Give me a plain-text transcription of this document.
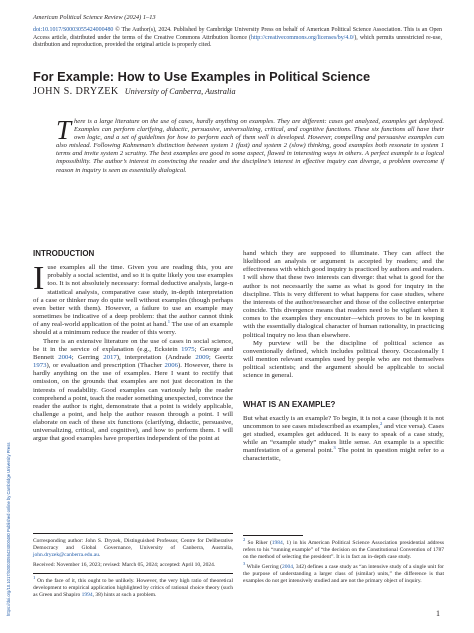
American Political Science Review (2024) 1–13
doi:10.1017/S0003055424000480 © The Author(s), 2024. Published by Cambridge University Press on behalf of American Political Science Association. This is an Open Access article, distributed under the terms of the Creative Commons Attribution licence (http://creativecommons.org/licenses/by/4.0/), which permits unrestricted re-use, distribution and reproduction, provided the original article is properly cited.
For Example: How to Use Examples in Political Science
JOHN S. DRYZEK University of Canberra, Australia
There is a large literature on the use of cases, hardly anything on examples. They are different: cases get analyzed, examples get deployed. Examples can perform clarifying, didactic, persuasive, universalizing, critical, and cognitive functions. These six functions all have their own logic, and a set of guidelines for how to perform each of them well is developed. However, compelling and persuasive examples can also mislead. Following Kahneman’s distinction between system 1 (fast) and system 2 (slow) thinking, good examples both resonate in system 1 terms and invite system 2 scrutiny. The best examples are good in some aspect, flawed in interesting ways in others. A perfect example is a logical impossibility. The author’s interest in convincing the reader and the discipline’s interest in effective inquiry can diverge, a problem overcome if reason in inquiry is seen as essentially dialogical.
INTRODUCTION

Iuse examples all the time. Given you are reading this, you are probably a social scientist, and so it is quite likely you use examples too. It is not absolutely necessary: formal deductive analysis, large-n statistical analysis, comparative case study, in-depth interpretation of a case or thinker may do quite well without examples (though perhaps even better with them). However, a failure to use an example may sometimes be indicative of a deep problem: that the author cannot think of any real-world application of the point at hand.$^1$ The use of an example should at a minimum reduce the reader of this worry.

There is an extensive literature on the use of cases in social science, be it in the service of explanation (e.g., Eckstein 1975; George and Bennett 2004; Gerring 2017), interpretation (Andrade 2009; Geertz 1973), or evaluation and prescription (Thacher 2006). However, there is hardly anything on the use of examples. Here I want to rectify that omission, on the grounds that examples are not just decoration in the interests of readability. Good examples can variously help the reader comprehend a point, teach the reader something unexpected, convince the reader the author is right, demonstrate that a point is widely applicable, challenge a point, and help the author reason through a point. I will elaborate on each of these six functions (clarifying, didactic, persuasive, universalizing, critical, and cognitive), and how to perform them. I will argue that good examples have properties independent of the point at

hand which they are supposed to illuminate. They can affect the likelihood an analysis or argument is accepted by readers; and the effectiveness with which good inquiry is practiced by authors and readers. I will show that these two interests can diverge: that what is good for the author is not necessarily the same as what is good for inquiry in the discipline. This is very different to what happens for case studies, where the interests of the author/researcher and those of the collective enterprise coincide. This divergence means that readers need to be vigilant when it comes to the examples they encounter—which proves to be in keeping with the essentially dialogical character of human rationality, in practicing political inquiry no less than elsewhere.

My purview will be the discipline of political science as conventionally defined, which includes political theory. Occasionally I will mention relevant examples used by people who are not themselves political scientists; and the argument should be applicable to social science in general.

WHAT IS AN EXAMPLE?

But what exactly is an example? To begin, it is not a case (though it is not uncommon to see cases misdescribed as examples,$^2$ and vice versa). Cases get studied, examples get adduced. It is easy to speak of a case study, while an “example study” makes little sense. An example is a specific manifestation of a general point.$^3$ The point in question might refer to a characteristic,

Corresponding author: John S. Dryzek, Distinguished Professor, Centre for Deliberative Democracy and Global Governance, University of Canberra, Australia, john.dryzek@canberra.edu.au.

Received: November 16, 2023; revised: March 05, 2024; accepted: April 10, 2024.

$^1$ On the face of it, this ought to be unlikely. However, the very high ratio of theoretical development to empirical application highlighted by critics of rational choice theory (such as Green and Shapiro 1994, 38) hints at such a problem.

$^2$ So Riker (1984, 1) in his American Political Science Association presidential address refers to his “running example” of “the decision on the Constitutional Convention of 1787 on the method of selecting the president”. It is in fact an in-depth case study.

$^3$ While Gerring (2004, 342) defines a case study as “an intensive study of a single unit for the purpose of understanding a larger class of (similar) units,” the difference is that examples do not get intensively studied and are not the primary object of inquiry.

https://doi.org/10.1017/S0003055424000480 Published online by Cambridge University Press	1
